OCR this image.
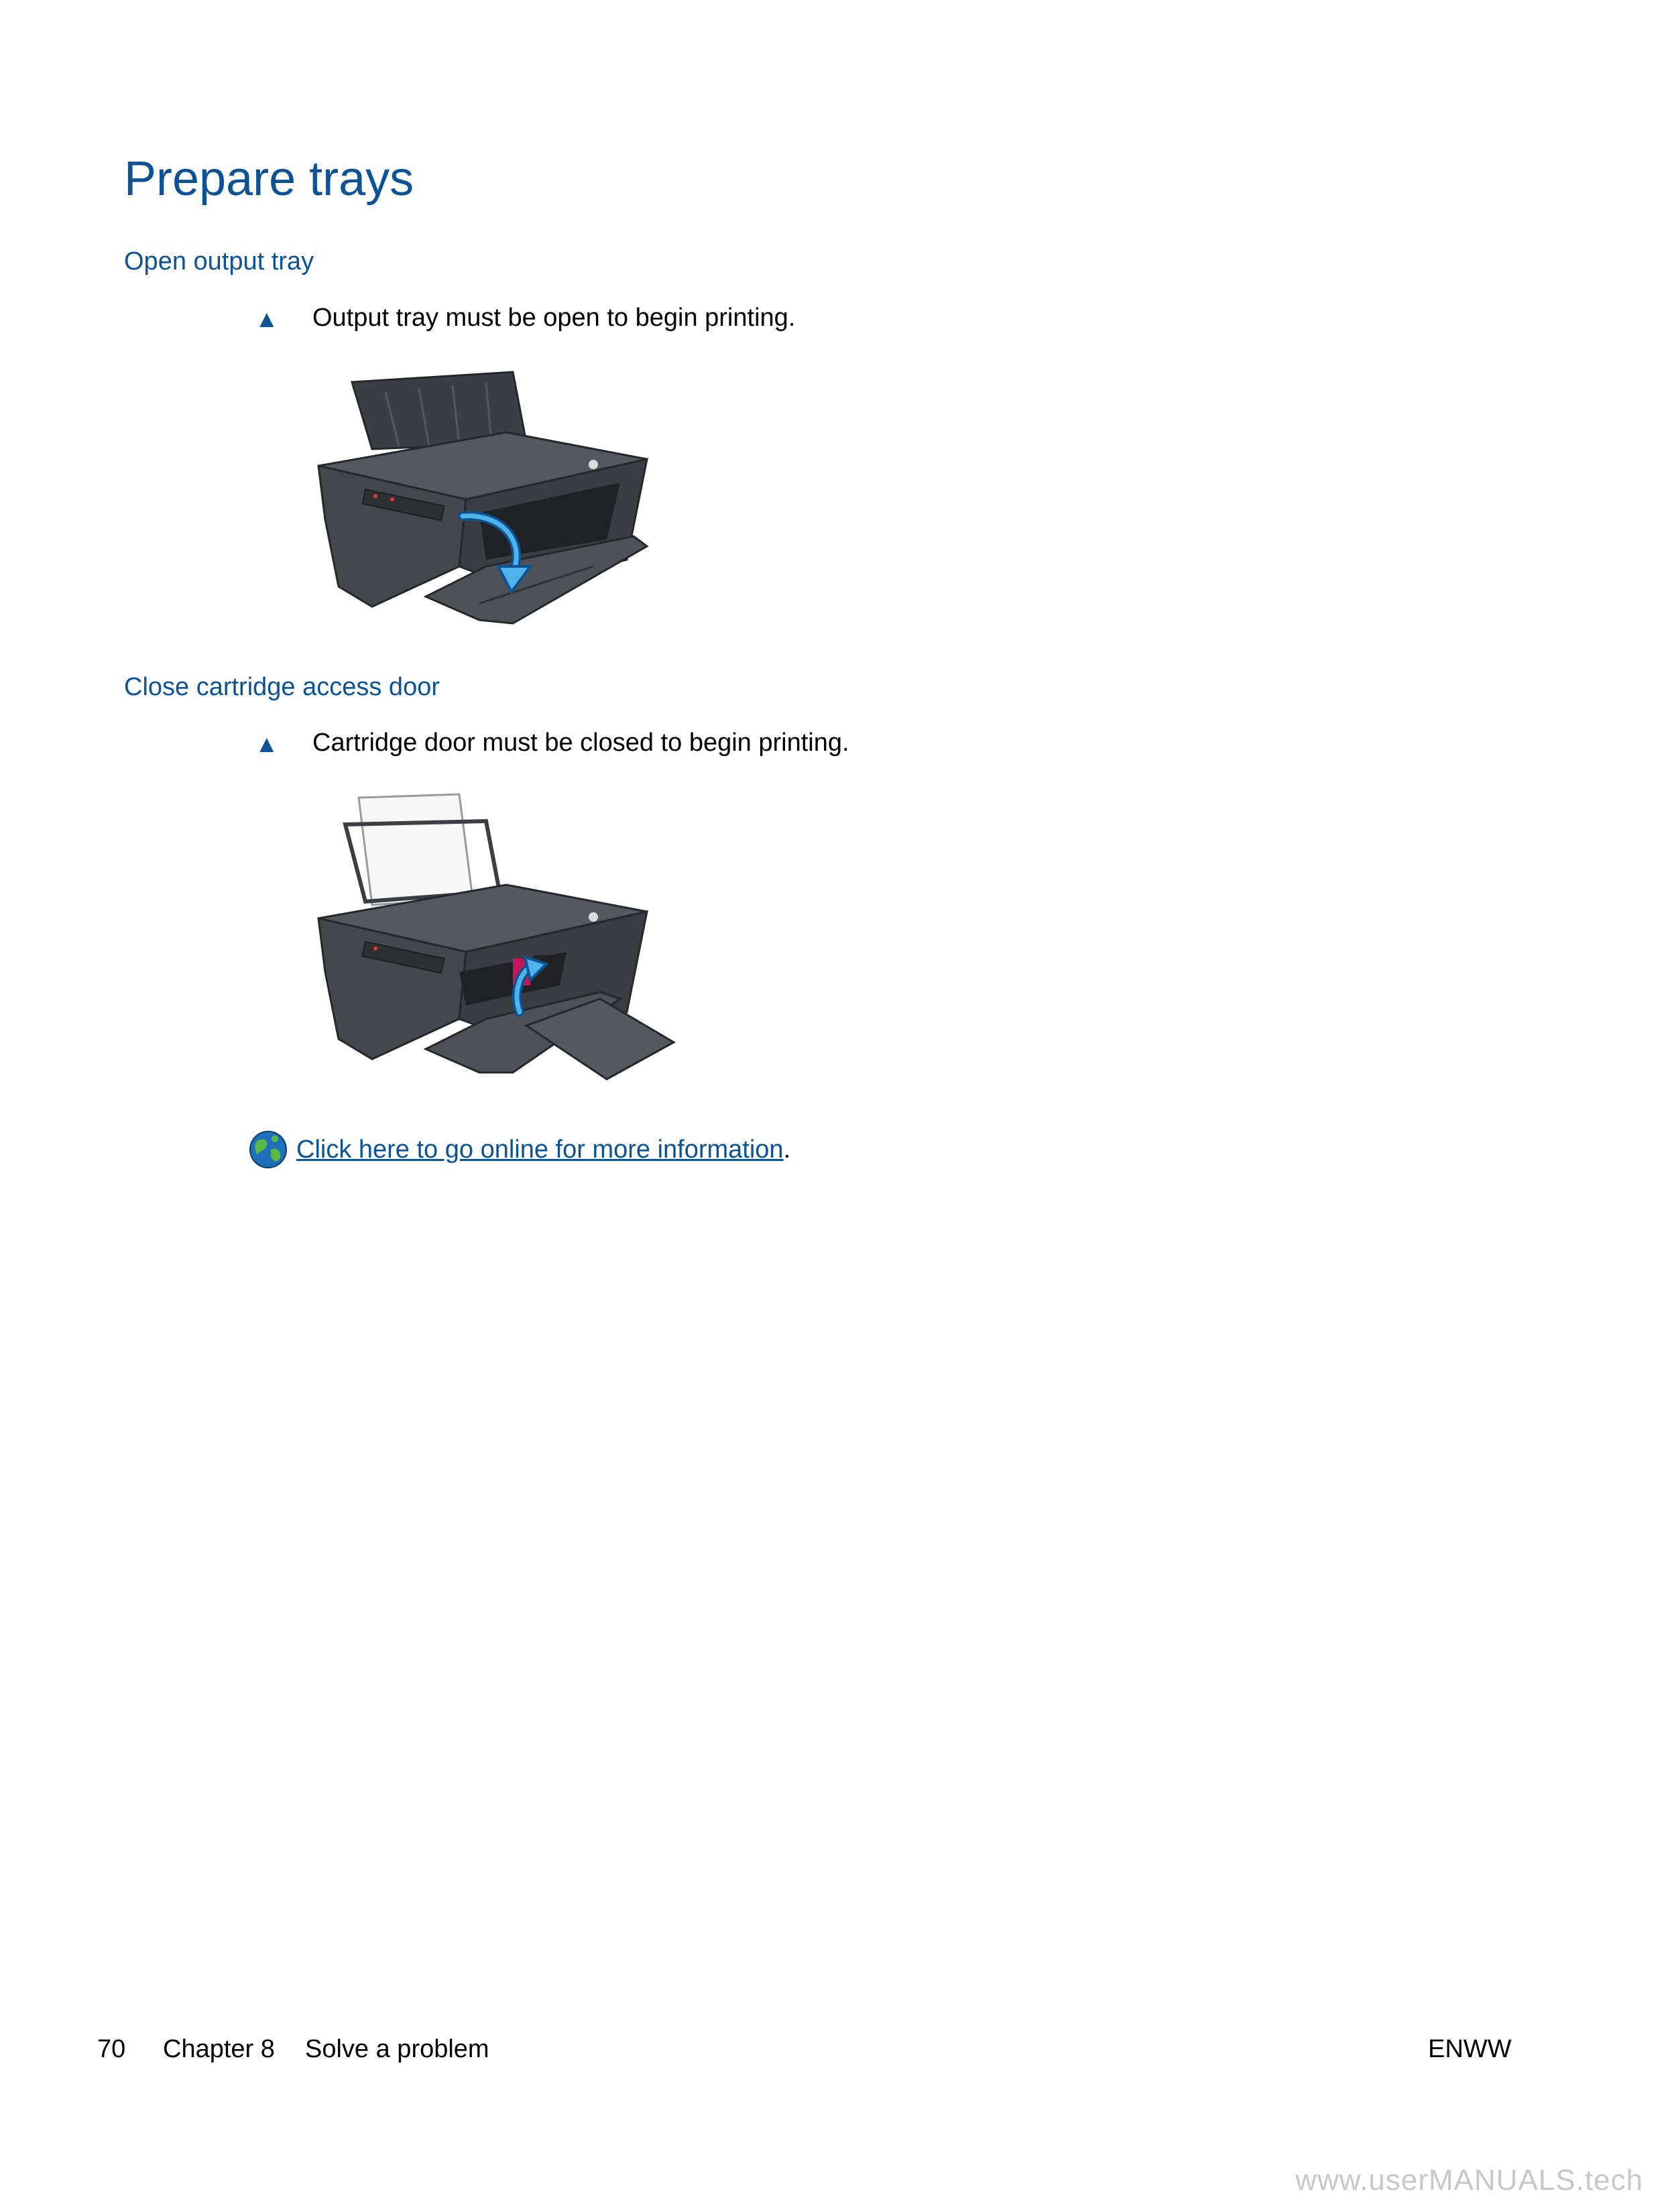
Prepare trays
Open output tray
▲ Output tray must be open to begin printing.
Close cartridge access door
▲ Cartridge door must be closed to begin printing.
Click here to go online for more information .
70 Chapter 8 Solve a problem	ENWW
www.userMANUALS.tech
